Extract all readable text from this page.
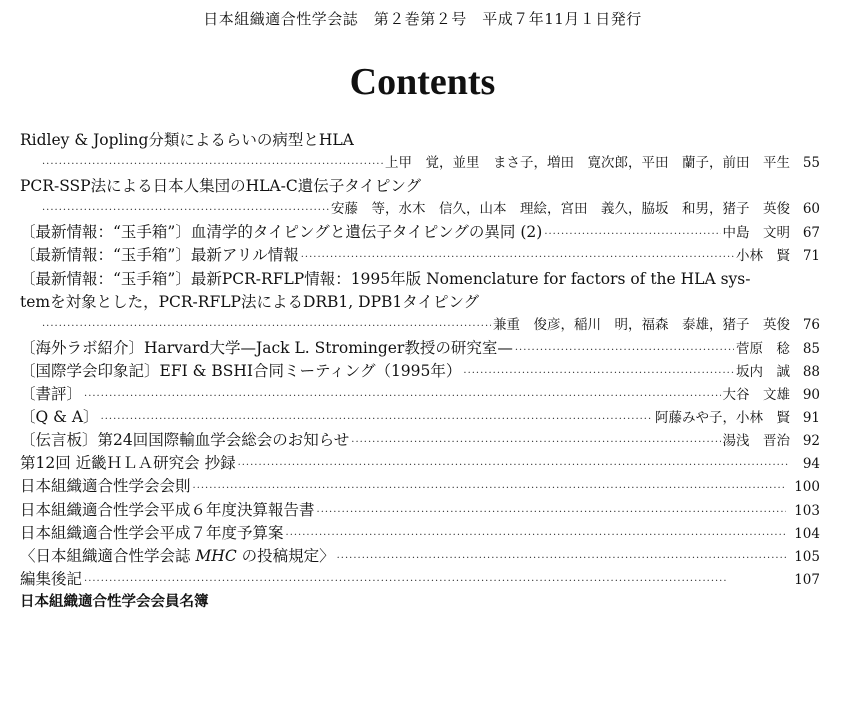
日本組織適合性学会誌　第２巻第２号　平成７年11月１日発行
Contents
Ridley & Jopling分類によるらいの病型とHLA
·····
上甲　覚，並里　まさ子，増田　寛次郎，平田　蘭子，前田　平生 55
PCR-SSP法による日本人集団のHLA-C遺伝子タイピング
·····
安藤　等，水木　信久，山本　理絵，宮田　義久，脇坂　和男，猪子　英俊 60
〔最新情報：“玉手箱”〕血清学的タイピングと遺伝子タイピングの異同 (2) ·····	中島　文明 67
〔最新情報：“玉手箱”〕最新アリル情報 ·····	小林　賢 71
〔最新情報：“玉手箱”〕最新PCR-RFLP情報：1995年版 Nomenclature for factors of the HLA sys-
temを対象とした，PCR-RFLP法によるDRB1, DPB1タイピング
·····
兼重　俊彦，稲川　明，福森　泰雄，猪子　英俊 76
〔海外ラボ紹介〕Harvard大学—Jack L. Strominger教授の研究室— ·····	菅原　稔 85
〔国際学会印象記〕EFI & BSHI合同ミーティング（1995年） ·····	坂内　誠 88
〔書評〕 ·····	大谷　文雄 90
〔Q & A〕 ·····	阿藤みや子，小林　賢 91
〔伝言板〕第24回国際輸血学会総会のお知らせ ·····	湯浅　晋治 92
第12回 近畿ＨＬＡ研究会 抄録 ·····	94
日本組織適合性学会会則 ·····	100
日本組織適合性学会平成６年度決算報告書 ·····	103
日本組織適合性学会平成７年度予算案 ·····	104
〈日本組織適合性学会誌 MHC の投稿規定〉 ·····	105
編集後記 ·····	107
日本組織適合性学会会員名簿
